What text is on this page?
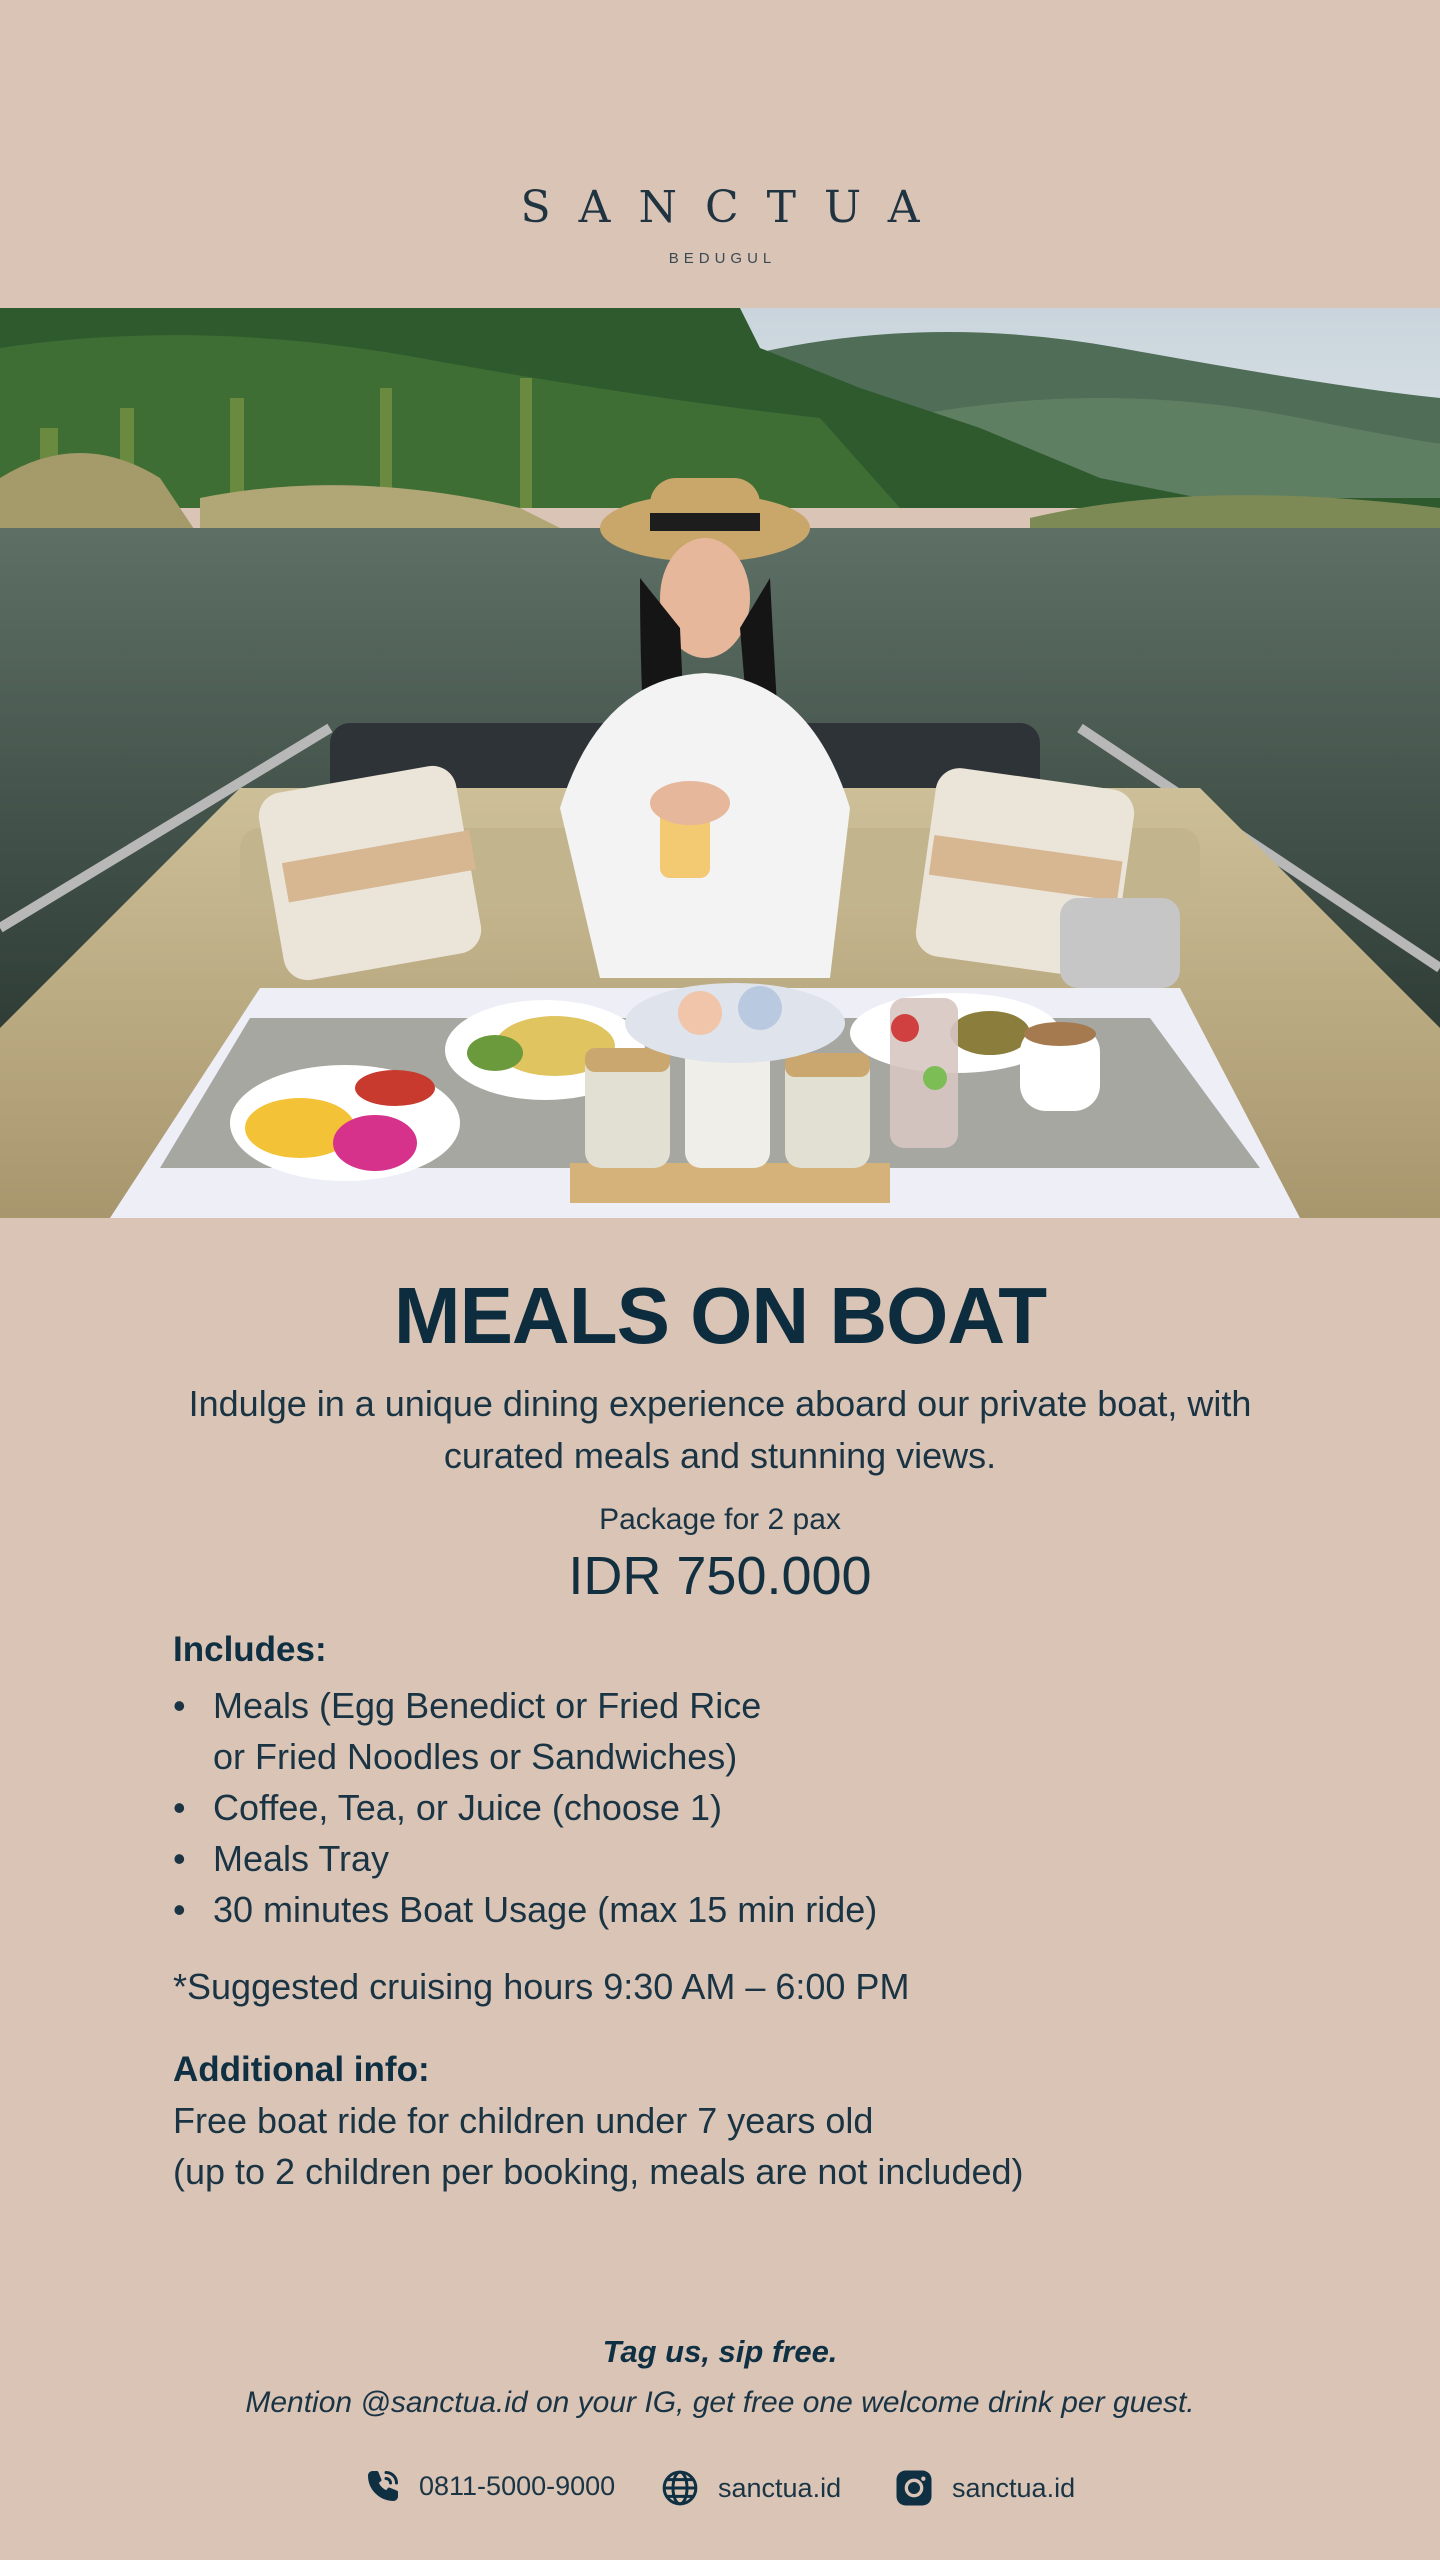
SANCTUA
BEDUGUL
MEALS ON BOAT
Indulge in a unique dining experience aboard our private boat, with curated meals and stunning views.
Package for 2 pax
IDR 750.000
Includes:
• Meals (Egg Benedict or Fried Rice
or Fried Noodles or Sandwiches)
• Coffee, Tea, or Juice (choose 1)
• Meals Tray
• 30 minutes Boat Usage (max 15 min ride)
*Suggested cruising hours 9:30 AM – 6:00 PM
Additional info:
Free boat ride for children under 7 years old
(up to 2 children per booking, meals are not included)
Tag us, sip free.
Mention @sanctua.id on your IG, get free one welcome drink per guest.
0811-5000-9000	sanctua.id	sanctua.id
